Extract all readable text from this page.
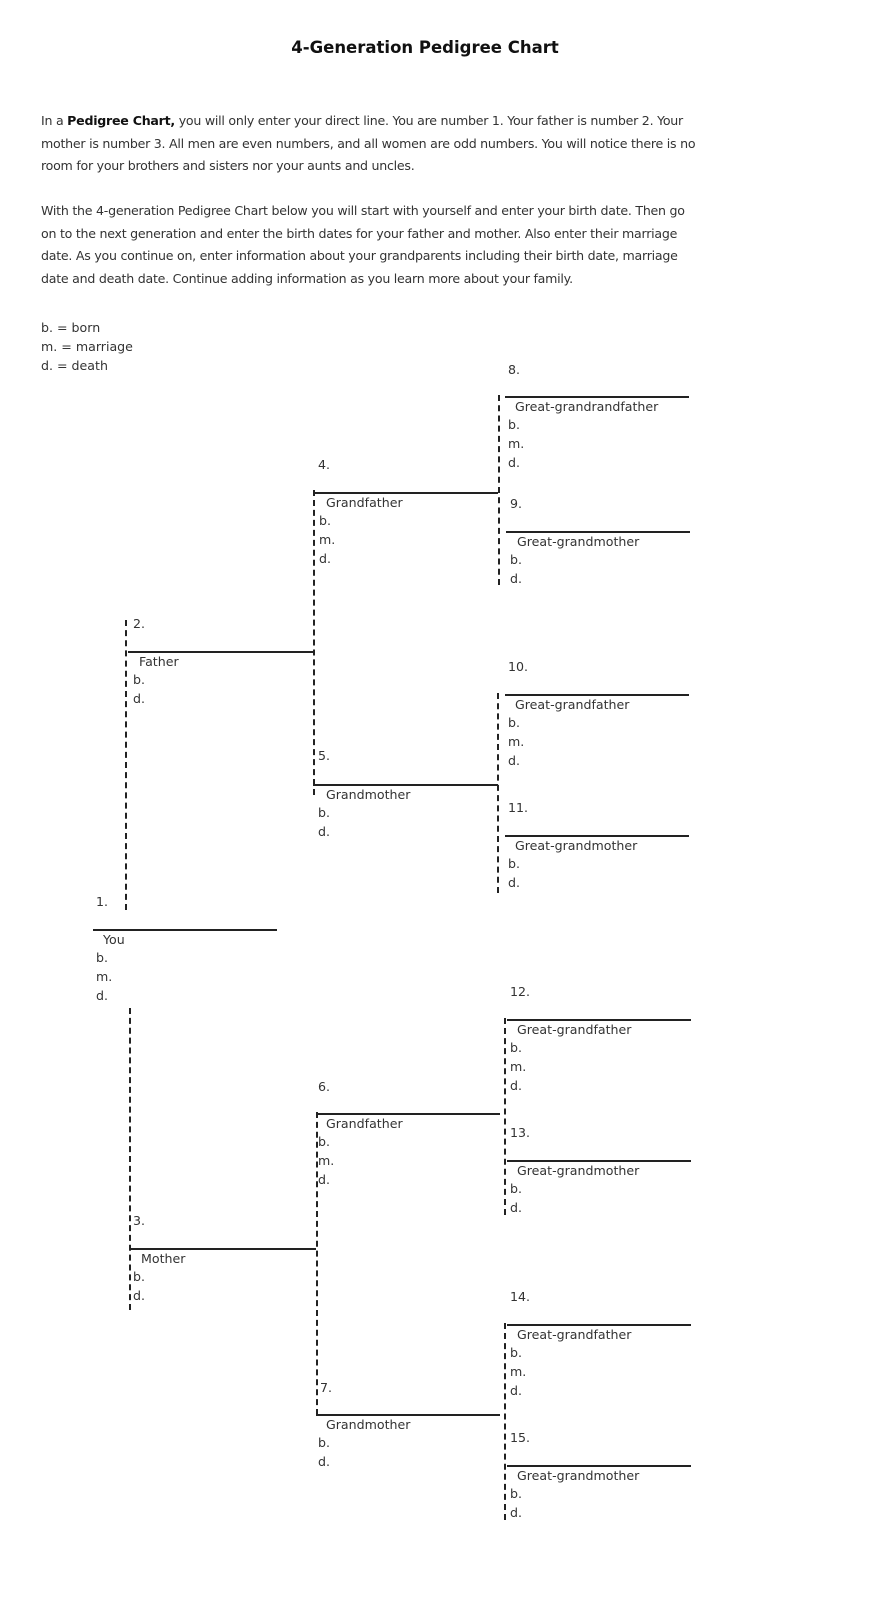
4-Generation Pedigree Chart
In a Pedigree Chart, you will only enter your direct line. You are number 1. Your father is number 2. Your mother is number 3. All men are even numbers, and all women are odd numbers. You will notice there is no room for your brothers and sisters nor your aunts and uncles.
With the 4-generation Pedigree Chart below you will start with yourself and enter your birth date. Then go on to the next generation and enter the birth dates for your father and mother. Also enter their marriage date. As you continue on, enter information about your grandparents including their birth date, marriage date and death date. Continue adding information as you learn more about your family.
b. = born
m. = marriage
d. = death
1.
You
b.
m.
d.
2.
Father
b.
d.
3.
Mother
b.
d.
4.
Grandfather
b.
m.
d.
5.
Grandmother
b.
d.
6.
Grandfather
b.
m.
d.
7.
Grandmother
b.
d.
8.
Great-grandrandfather
b.
m.
d.
9.
Great-grandmother
b.
d.
10.
Great-grandfather
b.
m.
d.
11.
Great-grandmother
b.
d.
12.
Great-grandfather
b.
m.
d.
13.
Great-grandmother
b.
d.
14.
Great-grandfather
b.
m.
d.
15.
Great-grandmother
b.
d.
